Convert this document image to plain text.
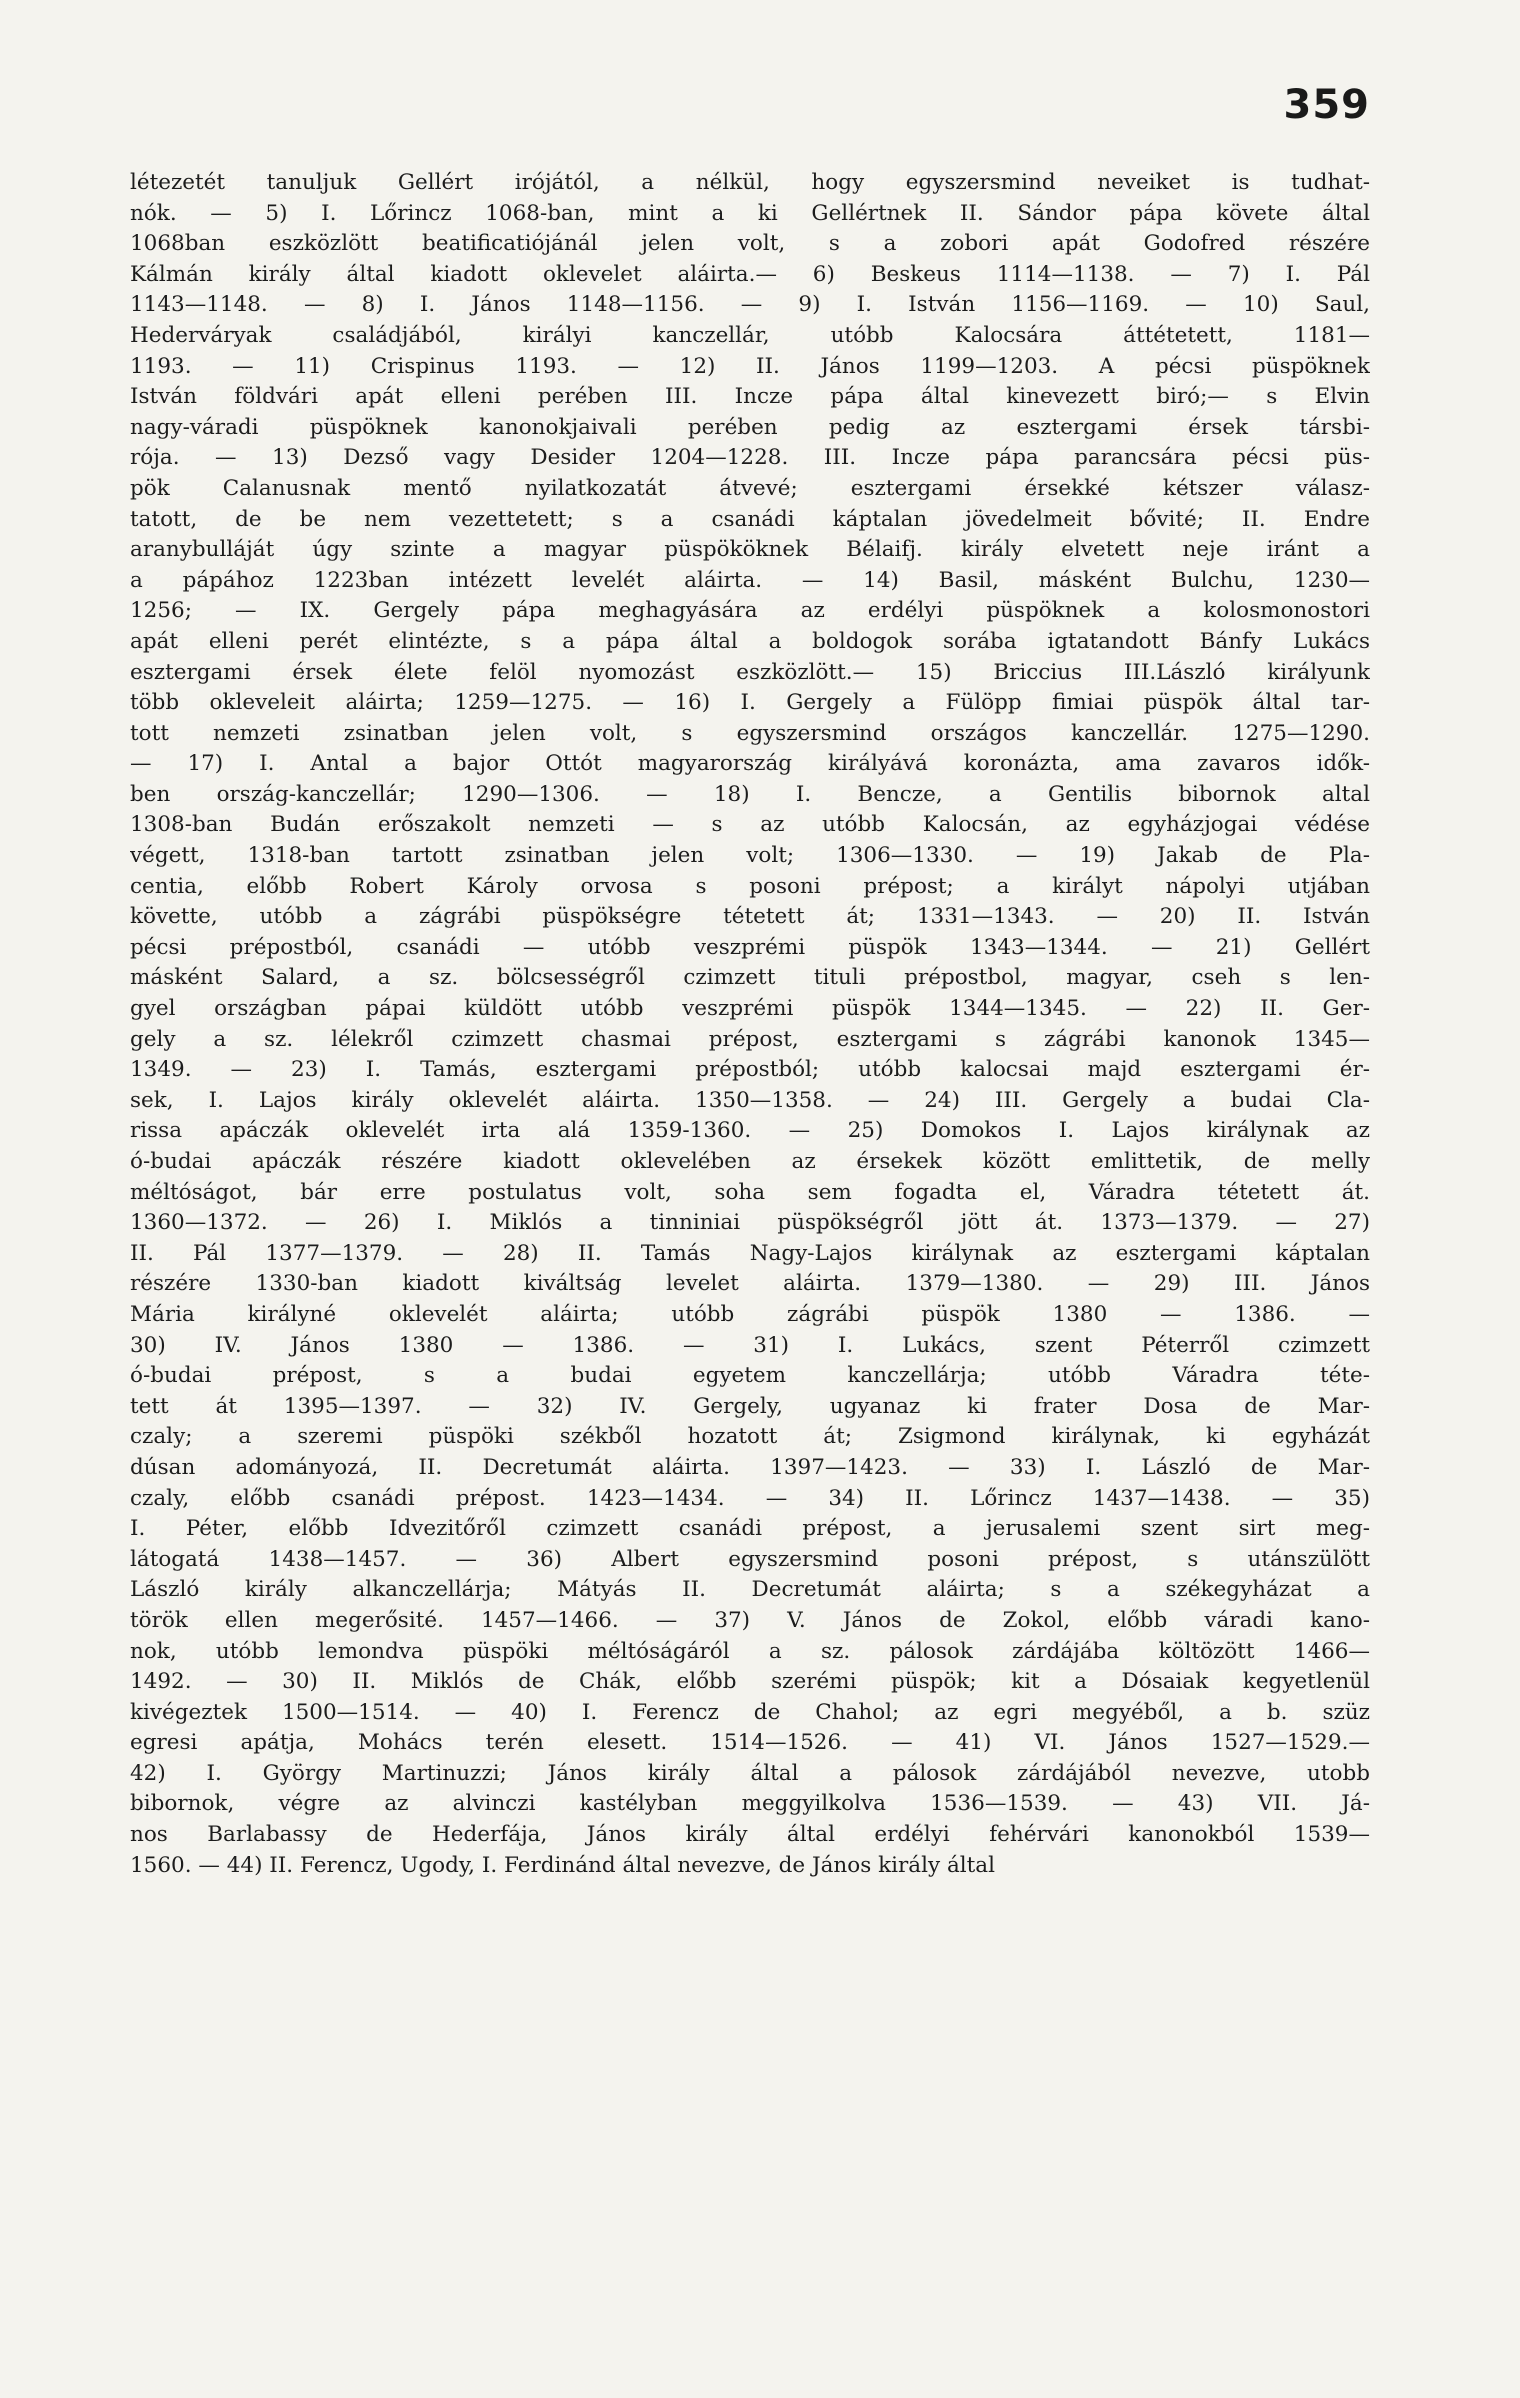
359
létezetét tanuljuk Gellért irójától, a nélkül, hogy egyszersmind neveiket is tudhat-
nók. — 5) I. Lőrincz 1068-ban, mint a ki Gellértnek II. Sándor pápa követe által
1068ban eszközlött beatificatiójánál jelen volt, s a zobori apát Godofred részére
Kálmán király által kiadott oklevelet aláirta.— 6) Beskeus 1114—1138. — 7) I. Pál
1143—1148. — 8) I. János 1148—1156. — 9) I. István 1156—1169. — 10) Saul,
Hederváryak családjából, királyi kanczellár, utóbb Kalocsára áttétetett, 1181—
1193. — 11) Crispinus 1193. — 12) II. János 1199—1203. A pécsi püspöknek
István földvári apát elleni perében III. Incze pápa által kinevezett biró;— s Elvin
nagy-váradi püspöknek kanonokjaivali perében pedig az esztergami érsek társbi-
rója. — 13) Dezső vagy Desider 1204—1228. III. Incze pápa parancsára pécsi püs-
pök Calanusnak mentő nyilatkozatát átvevé; esztergami érsekké kétszer válasz-
tatott, de be nem vezettetett; s a csanádi káptalan jövedelmeit bővité; II. Endre
aranybulláját úgy szinte a magyar püspököknek Bélaifj. király elvetett neje iránt a
a pápához 1223ban intézett levelét aláirta. — 14) Basil, másként Bulchu, 1230—
1256; — IX. Gergely pápa meghagyására az erdélyi püspöknek a kolosmonostori
apát elleni perét elintézte, s a pápa által a boldogok sorába igtatandott Bánfy Lukács
esztergami érsek élete felöl nyomozást eszközlött.— 15) Briccius III.László királyunk
több okleveleit aláirta; 1259—1275. — 16) I. Gergely a Fülöpp fimiai püspök által tar-
tott nemzeti zsinatban jelen volt, s egyszersmind országos kanczellár. 1275—1290.
— 17) I. Antal a bajor Ottót magyarország királyává koronázta, ama zavaros idők-
ben ország-kanczellár; 1290—1306. — 18) I. Bencze, a Gentilis bibornok altal
1308-ban Budán erőszakolt nemzeti — s az utóbb Kalocsán, az egyházjogai védése
végett, 1318-ban tartott zsinatban jelen volt; 1306—1330. — 19) Jakab de Pla-
centia, előbb Robert Károly orvosa s posoni prépost; a királyt nápolyi utjában
követte, utóbb a zágrábi püspökségre tétetett át; 1331—1343. — 20) II. István
pécsi prépostból, csanádi — utóbb veszprémi püspök 1343—1344. — 21) Gellért
másként Salard, a sz. bölcsességről czimzett tituli prépostbol, magyar, cseh s len-
gyel országban pápai küldött utóbb veszprémi püspök 1344—1345. — 22) II. Ger-
gely a sz. lélekről czimzett chasmai prépost, esztergami s zágrábi kanonok 1345—
1349. — 23) I. Tamás, esztergami prépostból; utóbb kalocsai majd esztergami ér-
sek, I. Lajos király oklevelét aláirta. 1350—1358. — 24) III. Gergely a budai Cla-
rissa apáczák oklevelét irta alá 1359-1360. — 25) Domokos I. Lajos királynak az
ó-budai apáczák részére kiadott oklevelében az érsekek között emlittetik, de melly
méltóságot, bár erre postulatus volt, soha sem fogadta el, Váradra tétetett át.
1360—1372. — 26) I. Miklós a tinniniai püspökségről jött át. 1373—1379. — 27)
II. Pál 1377—1379. — 28) II. Tamás Nagy-Lajos királynak az esztergami káptalan
részére 1330-ban kiadott kiváltság levelet aláirta. 1379—1380. — 29) III. János
Mária királyné oklevelét aláirta; utóbb zágrábi püspök 1380 — 1386. —
30) IV. János 1380 — 1386. — 31) I. Lukács, szent Péterről czimzett
ó-budai prépost, s a budai egyetem kanczellárja; utóbb Váradra téte-
tett át 1395—1397. — 32) IV. Gergely, ugyanaz ki frater Dosa de Mar-
czaly; a szeremi püspöki székből hozatott át; Zsigmond királynak, ki egyházát
dúsan adományozá, II. Decretumát aláirta. 1397—1423. — 33) I. László de Mar-
czaly, előbb csanádi prépost. 1423—1434. — 34) II. Lőrincz 1437—1438. — 35)
I. Péter, előbb Idvezitőről czimzett csanádi prépost, a jerusalemi szent sirt meg-
látogatá 1438—1457. — 36) Albert egyszersmind posoni prépost, s utánszülött
László király alkanczellárja; Mátyás II. Decretumát aláirta; s a székegyházat a
török ellen megerősité. 1457—1466. — 37) V. János de Zokol, előbb váradi kano-
nok, utóbb lemondva püspöki méltóságáról a sz. pálosok zárdájába költözött 1466—
1492. — 30) II. Miklós de Chák, előbb szerémi püspök; kit a Dósaiak kegyetlenül
kivégeztek 1500—1514. — 40) I. Ferencz de Chahol; az egri megyéből, a b. szüz
egresi apátja, Mohács terén elesett. 1514—1526. — 41) VI. János 1527—1529.—
42) I. György Martinuzzi; János király által a pálosok zárdájából nevezve, utobb
bibornok, végre az alvinczi kastélyban meggyilkolva 1536—1539. — 43) VII. Já-
nos Barlabassy de Hederfája, János király által erdélyi fehérvári kanonokból 1539—
1560. — 44) II. Ferencz, Ugody, I. Ferdinánd által nevezve, de János király által
